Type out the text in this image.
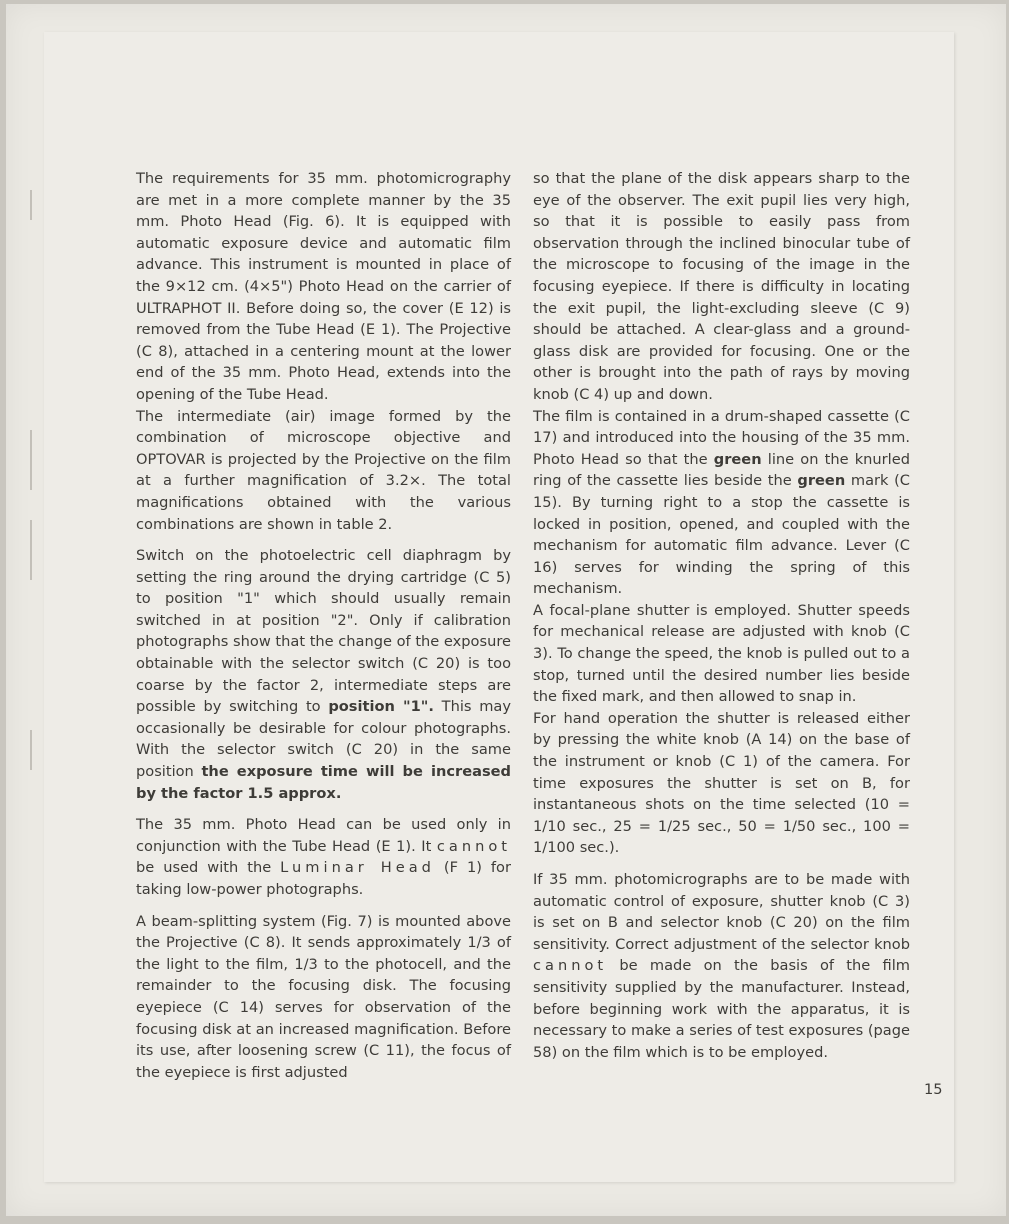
The requirements for 35 mm. photomicrography are met in a more complete manner by the 35 mm. Photo Head (Fig. 6). It is equipped with automatic exposure device and automatic film advance. This instrument is mounted in place of the 9×12 cm. (4×5") Photo Head on the carrier of ULTRAPHOT II. Before doing so, the cover (E 12) is removed from the Tube Head (E 1). The Projective (C 8), attached in a centering mount at the lower end of the 35 mm. Photo Head, extends into the opening of the Tube Head.

The intermediate (air) image formed by the combination of microscope objective and OPTOVAR is projected by the Projective on the film at a further magnification of 3.2×. The total magnifications obtained with the various combinations are shown in table 2.

Switch on the photoelectric cell diaphragm by setting the ring around the drying cartridge (C 5) to position "1" which should usually remain switched in at position "2". Only if calibration photographs show that the change of the exposure obtainable with the selector switch (C 20) is too coarse by the factor 2, intermediate steps are possible by switching to position "1". This may occasionally be desirable for colour photographs. With the selector switch (C 20) in the same position the exposure time will be increased by the factor 1.5 approx.

The 35 mm. Photo Head can be used only in conjunction with the Tube Head (E 1). It cannot be used with the Luminar Head (F 1) for taking low-power photographs.

A beam-splitting system (Fig. 7) is mounted above the Projective (C 8). It sends approximately 1/3 of the light to the film, 1/3 to the photocell, and the remainder to the focusing disk. The focusing eyepiece (C 14) serves for observation of the focusing disk at an increased magnification. Before its use, after loosening screw (C 11), the focus of the eyepiece is first adjusted

so that the plane of the disk appears sharp to the eye of the observer. The exit pupil lies very high, so that it is possible to easily pass from observation through the inclined binocular tube of the microscope to focusing of the image in the focusing eyepiece. If there is difficulty in locating the exit pupil, the light-excluding sleeve (C 9) should be attached. A clear-glass and a ground-glass disk are provided for focusing. One or the other is brought into the path of rays by moving knob (C 4) up and down.

The film is contained in a drum-shaped cassette (C 17) and introduced into the housing of the 35 mm. Photo Head so that the green line on the knurled ring of the cassette lies beside the green mark (C 15). By turning right to a stop the cassette is locked in position, opened, and coupled with the mechanism for automatic film advance. Lever (C 16) serves for winding the spring of this mechanism.

A focal-plane shutter is employed. Shutter speeds for mechanical release are adjusted with knob (C 3). To change the speed, the knob is pulled out to a stop, turned until the desired number lies beside the fixed mark, and then allowed to snap in.

For hand operation the shutter is released either by pressing the white knob (A 14) on the base of the instrument or knob (C 1) of the camera. For time exposures the shutter is set on B, for instantaneous shots on the time selected (10 = 1/10 sec., 25 = 1/25 sec., 50 = 1/50 sec., 100 = 1/100 sec.).

If 35 mm. photomicrographs are to be made with automatic control of exposure, shutter knob (C 3) is set on B and selector knob (C 20) on the film sensitivity. Correct adjustment of the selector knob cannot be made on the basis of the film sensitivity supplied by the manufacturer. Instead, before beginning work with the apparatus, it is necessary to make a series of test exposures (page 58) on the film which is to be employed.

15
